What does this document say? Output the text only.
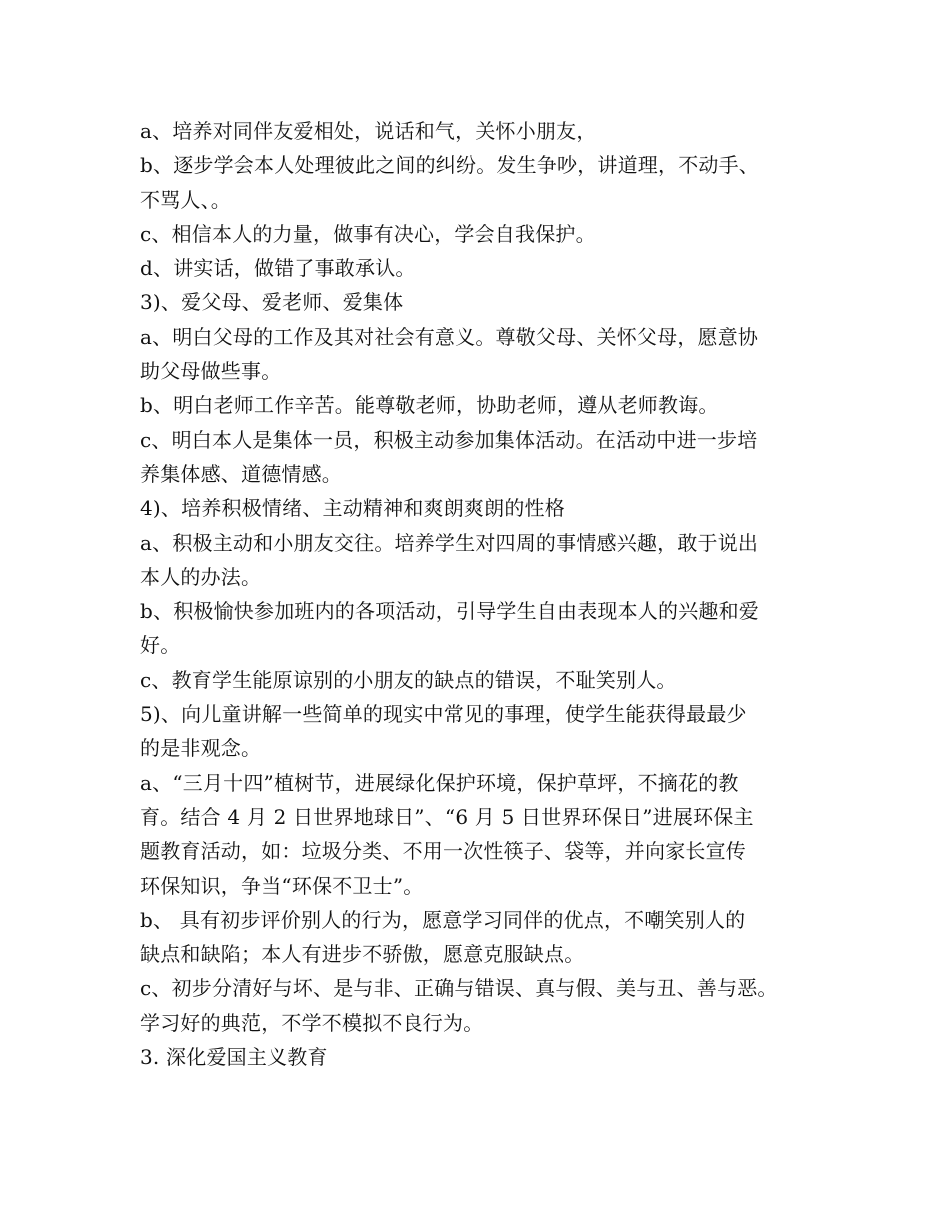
a、培养对同伴友爱相处，说话和气，关怀小朋友，
b、逐步学会本人处理彼此之间的纠纷。发生争吵，讲道理，不动手、
不骂人、。
c、相信本人的力量，做事有决心，学会自我保护。
d、讲实话，做错了事敢承认。
3)、爱父母、爱老师、爱集体
a、明白父母的工作及其对社会有意义。尊敬父母、关怀父母，愿意协
助父母做些事。
b、明白老师工作辛苦。能尊敬老师，协助老师，遵从老师教诲。
c、明白本人是集体一员，积极主动参加集体活动。在活动中进一步培
养集体感、道德情感。
4)、培养积极情绪、主动精神和爽朗爽朗的性格
a、积极主动和小朋友交往。培养学生对四周的事情感兴趣，敢于说出
本人的办法。
b、积极愉快参加班内的各项活动，引导学生自由表现本人的兴趣和爱
好。
c、教育学生能原谅别的小朋友的缺点的错误，不耻笑别人。
5)、向儿童讲解一些简单的现实中常见的事理，使学生能获得最最少
的是非观念。
a、“三月十四”植树节，进展绿化保护环境，保护草坪，不摘花的教
育。结合 4 月 2 日世界地球日”、“6 月 5 日世界环保日”进展环保主
题教育活动，如：垃圾分类、不用一次性筷子、袋等，并向家长宣传
环保知识，争当“环保不卫士”。
b、 具有初步评价别人的行为，愿意学习同伴的优点，不嘲笑别人的
缺点和缺陷；本人有进步不骄傲，愿意克服缺点。
c、初步分清好与坏、是与非、正确与错误、真与假、美与丑、善与恶。
学习好的典范，不学不模拟不良行为。
3. 深化爱国主义教育
